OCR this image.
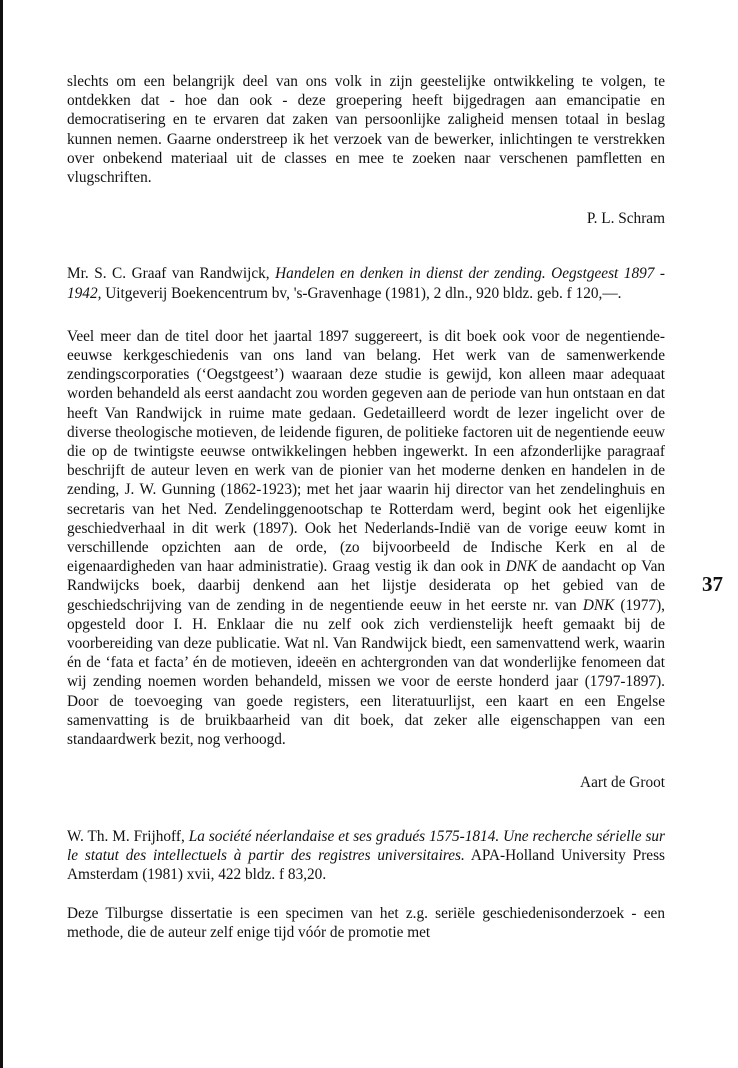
37

slechts om een belangrijk deel van ons volk in zijn geestelijke ontwikkeling te volgen, te ontdekken dat - hoe dan ook - deze groepering heeft bijgedragen aan emancipatie en democratisering en te ervaren dat zaken van persoonlijke zaligheid mensen totaal in beslag kunnen nemen. Gaarne onderstreep ik het verzoek van de bewerker, inlichtingen te verstrekken over onbekend materiaal uit de classes en mee te zoeken naar verschenen pamfletten en vlugschriften.

P. L. Schram

Mr. S. C. Graaf van Randwijck, Handelen en denken in dienst der zending. Oegstgeest 1897 - 1942, Uitgeverij Boekencentrum bv, 's-Gravenhage (1981), 2 dln., 920 bldz. geb. f 120,—.

Veel meer dan de titel door het jaartal 1897 suggereert, is dit boek ook voor de negentiende-eeuwse kerkgeschiedenis van ons land van belang. Het werk van de samenwerkende zendingscorporaties (‘Oegstgeest’) waaraan deze studie is gewijd, kon alleen maar adequaat worden behandeld als eerst aandacht zou worden gegeven aan de periode van hun ontstaan en dat heeft Van Randwijck in ruime mate gedaan. Gedetailleerd wordt de lezer ingelicht over de diverse theologische motieven, de leidende figuren, de politieke factoren uit de negentiende eeuw die op de twintigste eeuwse ontwikkelingen hebben ingewerkt. In een afzonderlijke paragraaf beschrijft de auteur leven en werk van de pionier van het moderne denken en handelen in de zending, J. W. Gunning (1862-1923); met het jaar waarin hij director van het zendelinghuis en secretaris van het Ned. Zendelinggenootschap te Rotterdam werd, begint ook het eigenlijke geschiedverhaal in dit werk (1897). Ook het Nederlands-Indië van de vorige eeuw komt in verschillende opzichten aan de orde, (zo bijvoorbeeld de Indische Kerk en al de eigenaardigheden van haar administratie). Graag vestig ik dan ook in DNK de aandacht op Van Randwijcks boek, daarbij denkend aan het lijstje desiderata op het gebied van de geschiedschrijving van de zending in de negentiende eeuw in het eerste nr. van DNK (1977), opgesteld door I. H. Enklaar die nu zelf ook zich verdienstelijk heeft gemaakt bij de voorbereiding van deze publicatie. Wat nl. Van Randwijck biedt, een samenvattend werk, waarin én de ‘fata et facta’ én de motieven, ideeën en achtergronden van dat wonderlijke fenomeen dat wij zending noemen worden behandeld, missen we voor de eerste honderd jaar (1797-1897). Door de toevoeging van goede registers, een literatuurlijst, een kaart en een Engelse samenvatting is de bruikbaarheid van dit boek, dat zeker alle eigenschappen van een standaardwerk bezit, nog verhoogd.

Aart de Groot

W. Th. M. Frijhoff, La société néerlandaise et ses gradués 1575-1814. Une recherche sérielle sur le statut des intellectuels à partir des registres universitaires. APA-Holland University Press Amsterdam (1981) xvii, 422 bldz. f 83,20.

Deze Tilburgse dissertatie is een specimen van het z.g. seriële geschiedenisonderzoek - een methode, die de auteur zelf enige tijd vóór de promotie met
